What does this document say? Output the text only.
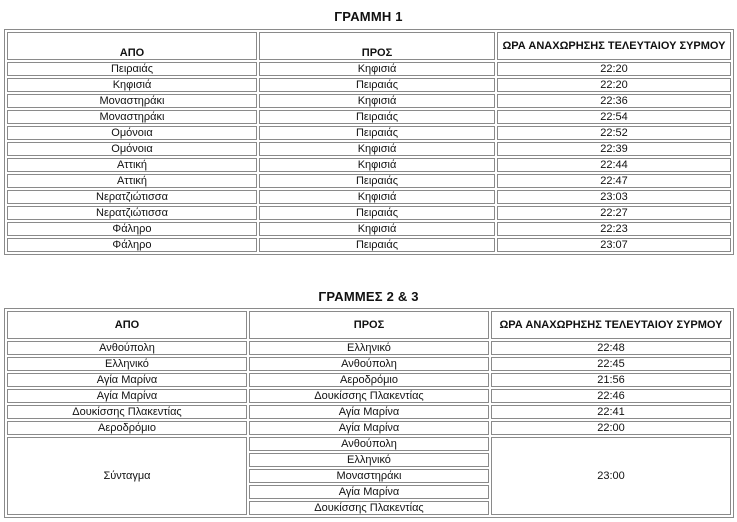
ΓΡΑΜΜΗ 1
ΑΠΟ	ΠΡΟΣ	ΩΡΑ ΑΝΑΧΩΡΗΣΗΣ ΤΕΛΕΥΤΑΙΟΥ ΣΥΡΜΟΥ
Πειραιάς	Κηφισιά	22:20
Κηφισιά	Πειραιάς	22:20
Μοναστηράκι	Κηφισιά	22:36
Μοναστηράκι	Πειραιάς	22:54
Ομόνοια	Πειραιάς	22:52
Ομόνοια	Κηφισιά	22:39
Αττική	Κηφισιά	22:44
Αττική	Πειραιάς	22:47
Νερατζιώτισσα	Κηφισιά	23:03
Νερατζιώτισσα	Πειραιάς	22:27
Φάληρο	Κηφισιά	22:23
Φάληρο	Πειραιάς	23:07
ΓΡΑΜΜΕΣ 2 & 3
ΑΠΟ	ΠΡΟΣ	ΩΡΑ ΑΝΑΧΩΡΗΣΗΣ ΤΕΛΕΥΤΑΙΟΥ ΣΥΡΜΟΥ
Ανθούπολη	Ελληνικό	22:48
Ελληνικό	Ανθούπολη	22:45
Αγία Μαρίνα	Αεροδρόμιο	21:56
Αγία Μαρίνα	Δουκίσσης Πλακεντίας	22:46
Δουκίσσης Πλακεντίας	Αγία Μαρίνα	22:41
Αεροδρόμιο	Αγία Μαρίνα	22:00
Σύνταγμα	Ανθούπολη	23:00
	Ελληνικό	
	Μοναστηράκι	
	Αγία Μαρίνα	
	Δουκίσσης Πλακεντίας	
